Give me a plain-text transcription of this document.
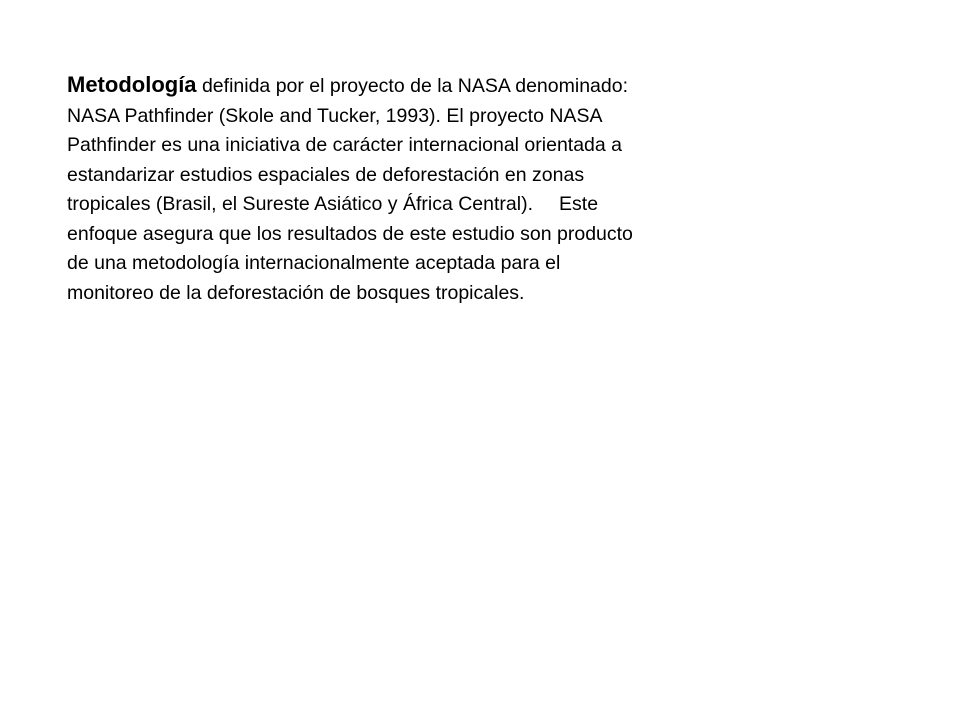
Metodología definida por el proyecto de la NASA denominado:
NASA Pathfinder (Skole and Tucker, 1993). El proyecto NASA
Pathfinder es una iniciativa de carácter internacional orientada a
estandarizar estudios espaciales de deforestación en zonas
tropicales (Brasil, el Sureste Asiático y África Central). Este
enfoque asegura que los resultados de este estudio son producto
de una metodología internacionalmente aceptada para el
monitoreo de la deforestación de bosques tropicales.
